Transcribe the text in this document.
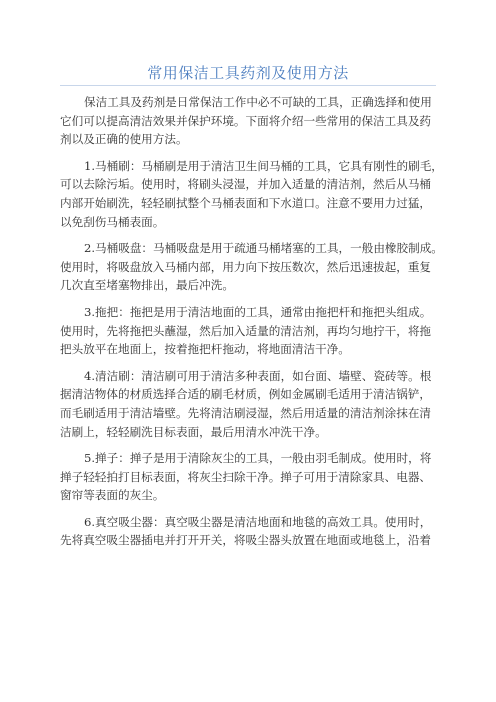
常用保洁工具药剂及使用方法
保洁工具及药剂是日常保洁工作中必不可缺的工具，正确选择和使用
它们可以提高清洁效果并保护环境。下面将介绍一些常用的保洁工具及药
剂以及正确的使用方法。
1.马桶刷：马桶刷是用于清洁卫生间马桶的工具，它具有刚性的刷毛，
可以去除污垢。使用时，将刷头浸湿，并加入适量的清洁剂，然后从马桶
内部开始刷洗，轻轻刷拭整个马桶表面和下水道口。注意不要用力过猛，
以免刮伤马桶表面。
2.马桶吸盘：马桶吸盘是用于疏通马桶堵塞的工具，一般由橡胶制成。
使用时，将吸盘放入马桶内部，用力向下按压数次，然后迅速拔起，重复
几次直至堵塞物排出，最后冲洗。
3.拖把：拖把是用于清洁地面的工具，通常由拖把杆和拖把头组成。
使用时，先将拖把头蘸湿，然后加入适量的清洁剂，再均匀地拧干，将拖
把头放平在地面上，按着拖把杆拖动，将地面清洁干净。
4.清洁刷：清洁刷可用于清洁多种表面，如台面、墙壁、瓷砖等。根
据清洁物体的材质选择合适的刷毛材质，例如金属刷毛适用于清洁锅铲，
而毛刷适用于清洁墙壁。先将清洁刷浸湿，然后用适量的清洁剂涂抹在清
洁刷上，轻轻刷洗目标表面，最后用清水冲洗干净。
5.掸子：掸子是用于清除灰尘的工具，一般由羽毛制成。使用时，将
掸子轻轻拍打目标表面，将灰尘扫除干净。掸子可用于清除家具、电器、
窗帘等表面的灰尘。
6.真空吸尘器：真空吸尘器是清洁地面和地毯的高效工具。使用时，
先将真空吸尘器插电并打开开关，将吸尘器头放置在地面或地毯上，沿着
